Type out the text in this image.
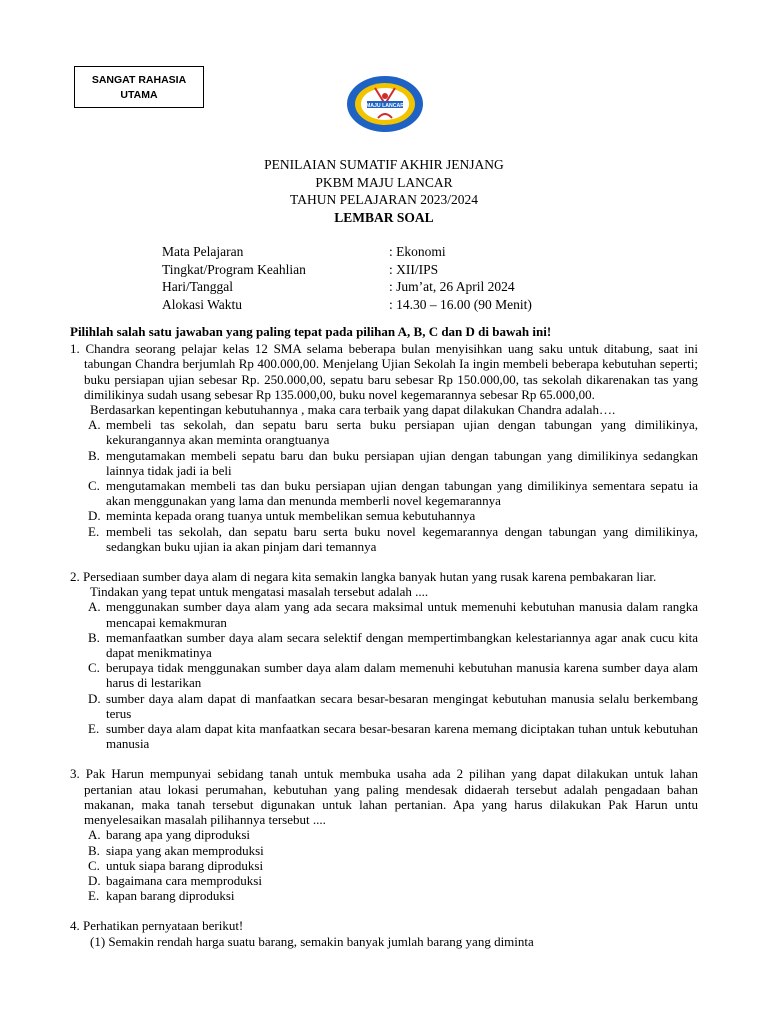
SANGAT RAHASIA
UTAMA
MAJU LANCAR
PENILAIAN SUMATIF AKHIR JENJANG
PKBM MAJU LANCAR
TAHUN PELAJARAN 2023/2024
LEMBAR SOAL
Mata Pelajaran	: Ekonomi
Tingkat/Program Keahlian	: XII/IPS
Hari/Tanggal	: Jum’at, 26 April 2024
Alokasi Waktu	: 14.30 – 16.00 (90 Menit)
Pilihlah salah satu jawaban yang paling tepat pada pilihan A, B, C dan D di bawah ini!
1. Chandra seorang pelajar kelas 12 SMA selama beberapa bulan menyisihkan uang saku untuk ditabung, saat ini tabungan Chandra berjumlah Rp 400.000,00. Menjelang Ujian Sekolah Ia ingin membeli beberapa kebutuhan seperti; buku persiapan ujian sebesar Rp. 250.000,00, sepatu baru sebesar Rp 150.000,00, tas sekolah dikarenakan tas yang dimilikinya sudah usang sebesar Rp 135.000,00, buku novel kegemarannya sebesar Rp 65.000,00.
Berdasarkan kepentingan kebutuhannya , maka cara terbaik yang dapat dilakukan Chandra adalah….
A. membeli tas sekolah, dan sepatu baru serta buku persiapan ujian dengan tabungan yang dimilikinya, kekurangannya akan meminta orangtuanya
B. mengutamakan membeli sepatu baru dan buku persiapan ujian dengan tabungan yang dimilikinya sedangkan lainnya tidak jadi ia beli
C. mengutamakan membeli tas dan buku persiapan ujian dengan tabungan yang dimilikinya sementara sepatu ia akan menggunakan yang lama dan menunda memberli novel kegemarannya
D. meminta kepada orang tuanya untuk membelikan semua kebutuhannya
E. membeli tas sekolah, dan sepatu baru serta buku novel kegemarannya dengan tabungan yang dimilikinya, sedangkan buku ujian ia akan pinjam dari temannya
2. Persediaan sumber daya alam di negara kita semakin langka banyak hutan yang rusak karena pembakaran liar.
Tindakan yang tepat untuk mengatasi masalah tersebut adalah ....
A. menggunakan sumber daya alam yang ada secara maksimal untuk memenuhi kebutuhan manusia dalam rangka mencapai kemakmuran
B. memanfaatkan sumber daya alam secara selektif dengan mempertimbangkan kelestariannya agar anak cucu kita dapat menikmatinya
C. berupaya tidak menggunakan sumber daya alam dalam memenuhi kebutuhan manusia karena sumber daya alam harus di lestarikan
D. sumber daya alam dapat di manfaatkan secara besar-besaran mengingat kebutuhan manusia selalu berkembang terus
E. sumber daya alam dapat kita manfaatkan secara besar-besaran karena memang diciptakan tuhan untuk kebutuhan manusia
3. Pak Harun mempunyai sebidang tanah untuk membuka usaha ada 2 pilihan yang dapat dilakukan untuk lahan pertanian atau lokasi perumahan, kebutuhan yang paling mendesak didaerah tersebut adalah pengadaan bahan makanan, maka tanah tersebut digunakan untuk lahan pertanian. Apa yang harus dilakukan Pak Harun untu menyelesaikan masalah pilihannya tersebut ....
A. barang apa yang diproduksi
B. siapa yang akan memproduksi
C. untuk siapa barang diproduksi
D. bagaimana cara memproduksi
E. kapan barang diproduksi
4. Perhatikan pernyataan berikut!
(1) Semakin rendah harga suatu barang, semakin banyak jumlah barang yang diminta
